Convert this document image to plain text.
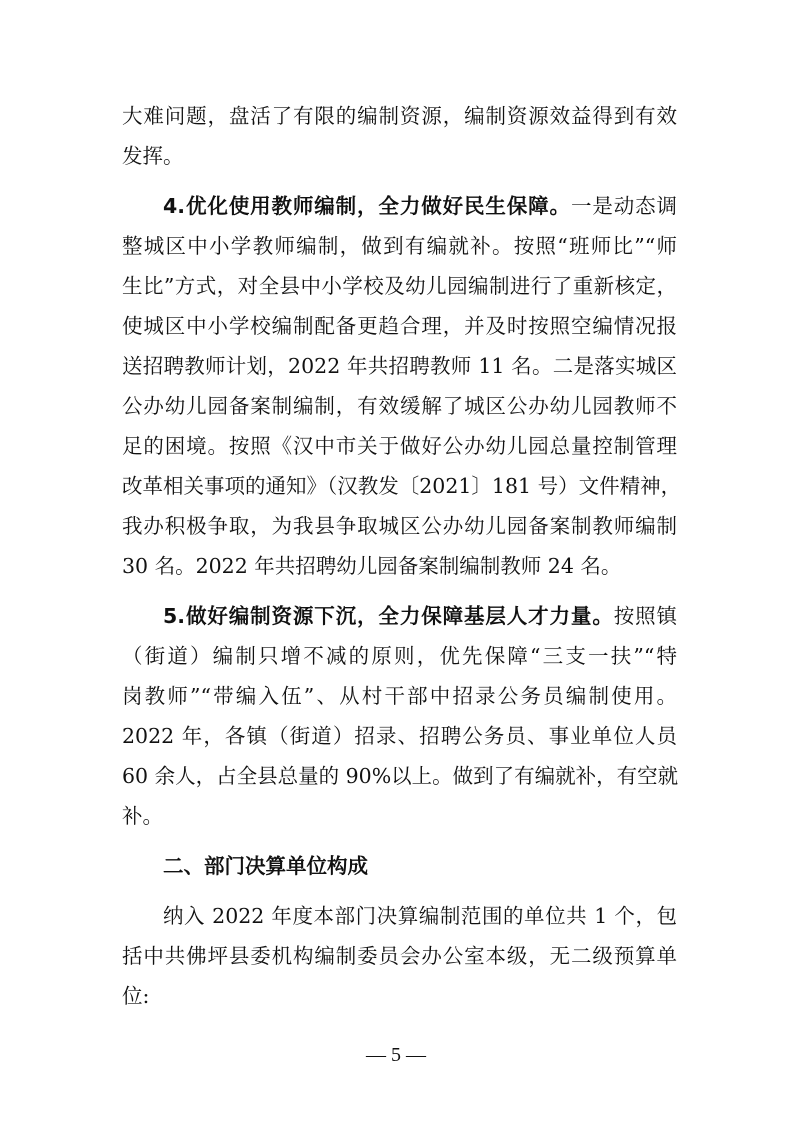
大难问题，盘活了有限的编制资源，编制资源效益得到有效
发挥。
4.优化使用教师编制，全力做好民生保障。一是动态调
整城区中小学教师编制，做到有编就补。按照“班师比”“师
生比”方式，对全县中小学校及幼儿园编制进行了重新核定，
使城区中小学校编制配备更趋合理，并及时按照空编情况报
送招聘教师计划，2022 年共招聘教师 11 名。二是落实城区
公办幼儿园备案制编制，有效缓解了城区公办幼儿园教师不
足的困境。按照《汉中市关于做好公办幼儿园总量控制管理
改革相关事项的通知》（汉教发〔2021〕181 号）文件精神，
我办积极争取，为我县争取城区公办幼儿园备案制教师编制
30 名。2022 年共招聘幼儿园备案制编制教师 24 名。
5.做好编制资源下沉，全力保障基层人才力量。按照镇
（街道）编制只增不减的原则，优先保障“三支一扶”“特
岗教师”“带编入伍”、从村干部中招录公务员编制使用。
2022 年，各镇（街道）招录、招聘公务员、事业单位人员
60 余人，占全县总量的 90%以上。做到了有编就补，有空就
补。
二、部门决算单位构成
纳入 2022 年度本部门决算编制范围的单位共 1 个，包
括中共佛坪县委机构编制委员会办公室本级，无二级预算单
位:
— 5 —
